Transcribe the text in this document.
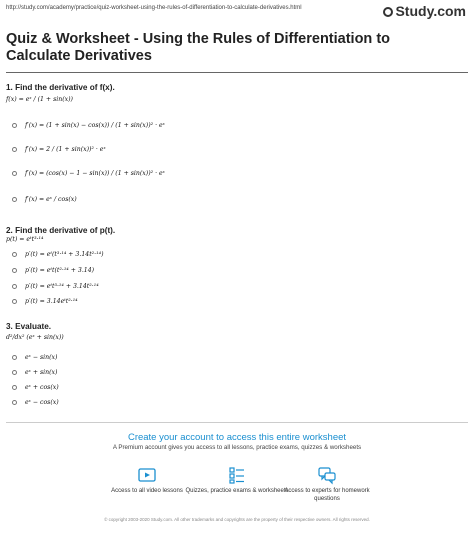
http://study.com/academy/practice/quiz-worksheet-using-the-rules-of-differentiation-to-calculate-derivatives.html	Study.com
Quiz & Worksheet - Using the Rules of Differentiation to Calculate Derivatives
1. Find the derivative of f(x).
f(x) = eˣ / (1 + sin(x))
f′(x) = (1 + sin(x) − cos(x)) / (1 + sin(x))² · eˣ
f′(x) = 2 / (1 + sin(x))² · eˣ
f′(x) = (cos(x) − 1 − sin(x)) / (1 + sin(x))² · eˣ
f′(x) = eˣ / cos(x)
2. Find the derivative of p(t).
p(t) = eᵗt³·¹⁴
p′(t) = eᵗ(t³·¹⁴ + 3.14t²·¹⁴)
p′(t) = eᵗt(t²·¹⁴ + 3.14)
p′(t) = eᵗt³·¹⁴ + 3.14t²·¹⁴
p′(t) = 3.14eᵗt²·¹⁴
3. Evaluate.
d²/dx² (eˣ + sin(x))
eˣ − sin(x)
eˣ + sin(x)
eˣ + cos(x)
eˣ − cos(x)
Create your account to access this entire worksheet
A Premium account gives you access to all lessons, practice exams, quizzes & worksheets
Access to all video lessons Quizzes, practice exams & worksheets
Access to experts for homework questions
© copyright 2003-2020 Study.com. All other trademarks and copyrights are the property of their respective owners. All rights reserved.
